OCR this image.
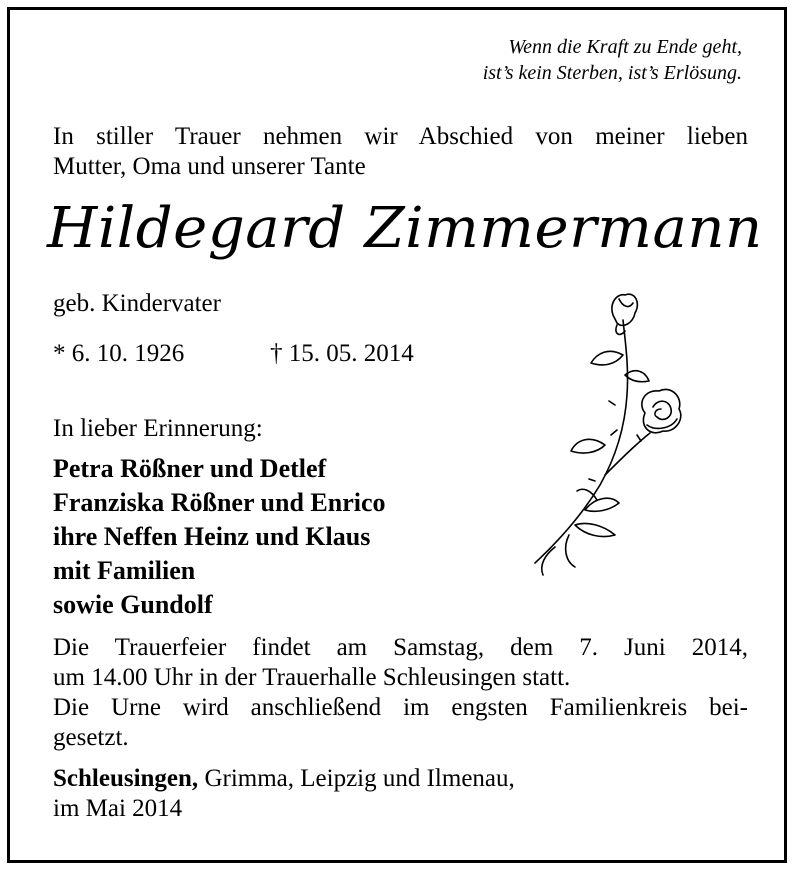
Wenn die Kraft zu Ende geht,
ist’s kein Sterben, ist’s Erlösung.
In stiller Trauer nehmen wir Abschied von meiner lieben
Mutter, Oma und unserer Tante
Hildegard Zimmermann
geb. Kindervater
* 6. 10. 1926	† 15. 05. 2014
In lieber Erinnerung:
Petra Rößner und Detlef
Franziska Rößner und Enrico
ihre Neffen Heinz und Klaus
mit Familien
sowie Gundolf
Die Trauerfeier findet am Samstag, dem 7. Juni 2014,
um 14.00 Uhr in der Trauerhalle Schleusingen statt.
Die Urne wird anschließend im engsten Familienkreis bei-
gesetzt.
Schleusingen, Grimma, Leipzig und Ilmenau,
im Mai 2014
